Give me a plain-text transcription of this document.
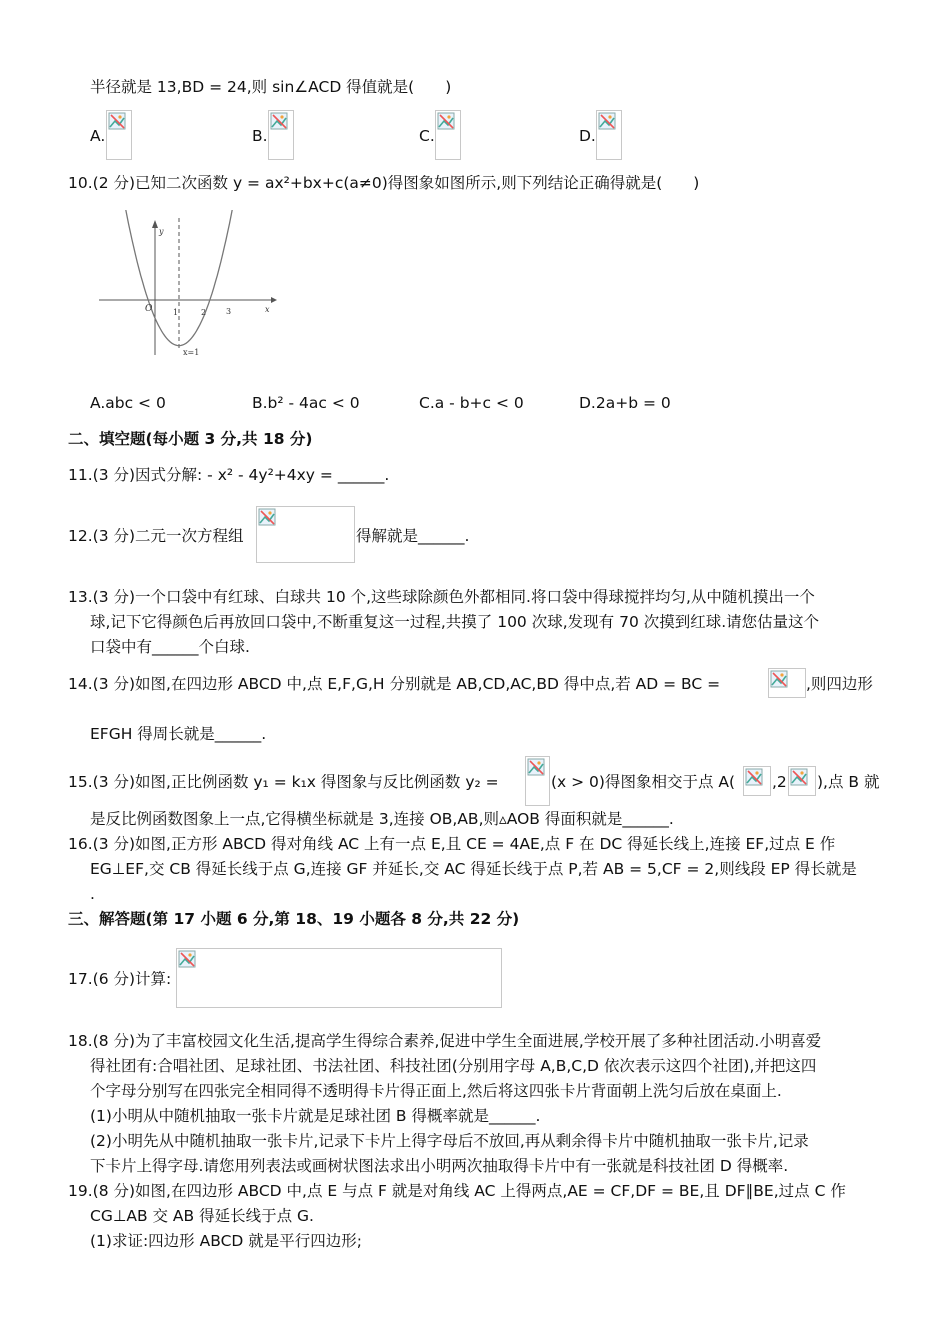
半径就是 13,BD = 24,则 sin∠ACD 得值就是(　　)
A.	B.	C.	D.
10.(2 分)已知二次函数 y = ax²+bx+c(a≠0)得图象如图所示,则下列结论正确得就是(　　)
y
x
O	1	2 3
x=1
A.abc < 0	B.b² - 4ac < 0	C.a - b+c < 0	D.2a+b = 0
二、填空题(每小题 3 分,共 18 分)
11.(3 分)因式分解: - x² - 4y²+4xy = ______.
12.(3 分)二元一次方程组	得解就是______.
13.(3 分)一个口袋中有红球、白球共 10 个,这些球除颜色外都相同.将口袋中得球搅拌均匀,从中随机摸出一个
球,记下它得颜色后再放回口袋中,不断重复这一过程,共摸了 100 次球,发现有 70 次摸到红球.请您估量这个
口袋中有______个白球.
14.(3 分)如图,在四边形 ABCD 中,点 E,F,G,H 分别就是 AB,CD,AC,BD 得中点,若 AD = BC =	,则四边形
EFGH 得周长就是______.
15.(3 分)如图,正比例函数 y₁ = k₁x 得图象与反比例函数 y₂ =	(x > 0)得图象相交于点 A( ,2 ),点 B 就
是反比例函数图象上一点,它得横坐标就是 3,连接 OB,AB,则▵AOB 得面积就是______.
16.(3 分)如图,正方形 ABCD 得对角线 AC 上有一点 E,且 CE = 4AE,点 F 在 DC 得延长线上,连接 EF,过点 E 作
EG⊥EF,交 CB 得延长线于点 G,连接 GF 并延长,交 AC 得延长线于点 P,若 AB = 5,CF = 2,则线段 EP 得长就是
.
三、解答题(第 17 小题 6 分,第 18、19 小题各 8 分,共 22 分)
17.(6 分)计算:
18.(8 分)为了丰富校园文化生活,提高学生得综合素养,促进中学生全面进展,学校开展了多种社团活动.小明喜爱
得社团有:合唱社团、足球社团、书法社团、科技社团(分别用字母 A,B,C,D 依次表示这四个社团),并把这四
个字母分别写在四张完全相同得不透明得卡片得正面上,然后将这四张卡片背面朝上洗匀后放在桌面上.
(1)小明从中随机抽取一张卡片就是足球社团 B 得概率就是______.
(2)小明先从中随机抽取一张卡片,记录下卡片上得字母后不放回,再从剩余得卡片中随机抽取一张卡片,记录
下卡片上得字母.请您用列表法或画树状图法求出小明两次抽取得卡片中有一张就是科技社团 D 得概率.
19.(8 分)如图,在四边形 ABCD 中,点 E 与点 F 就是对角线 AC 上得两点,AE = CF,DF = BE,且 DF∥BE,过点 C 作
CG⊥AB 交 AB 得延长线于点 G.
(1)求证:四边形 ABCD 就是平行四边形;
